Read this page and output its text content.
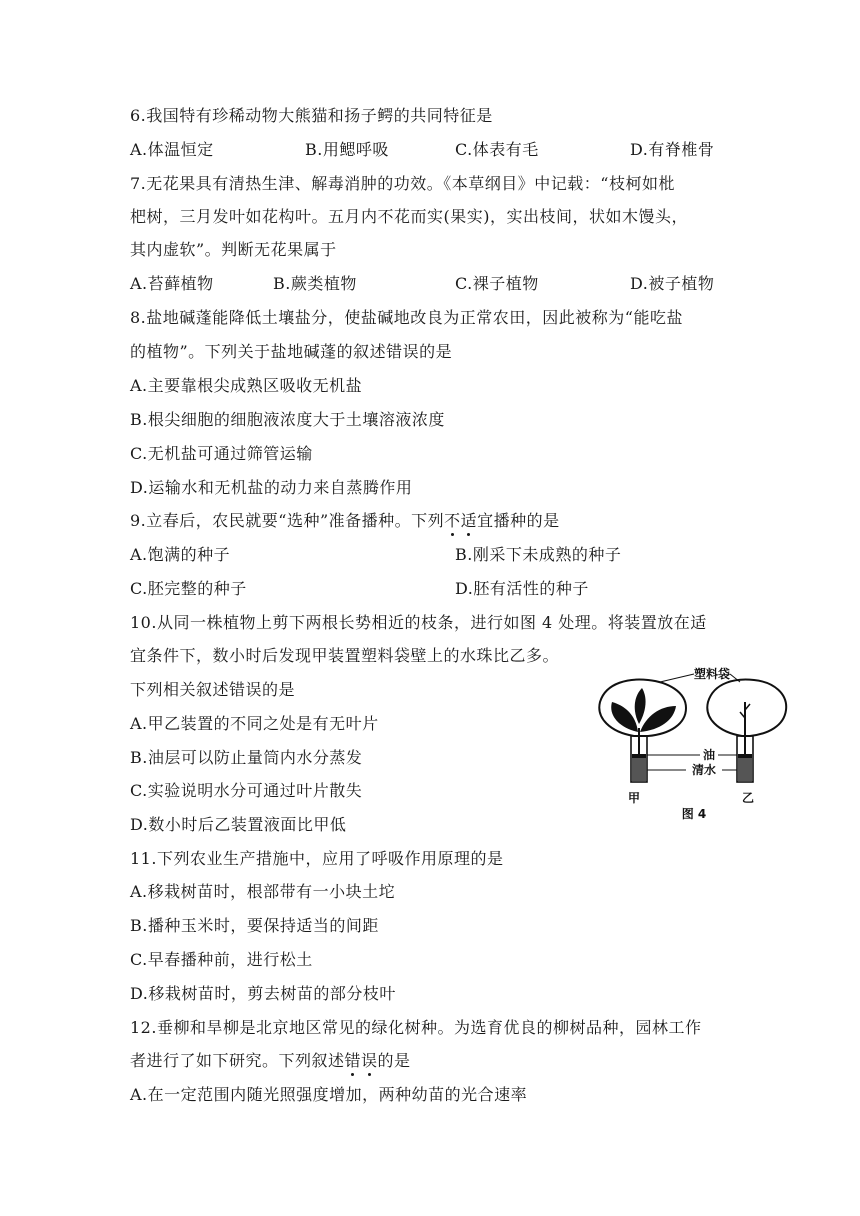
6.我国特有珍稀动物大熊猫和扬子鳄的共同特征是
A.体温恒定	B.用鳃呼吸	C.体表有毛	D.有脊椎骨
7.无花果具有清热生津、解毒消肿的功效。《本草纲目》中记载：“枝柯如枇
杷树，三月发叶如花构叶。五月内不花而实(果实)，实出枝间，状如木馒头，
其内虚软”。判断无花果属于
A.苔藓植物	B.蕨类植物	C.裸子植物	D.被子植物
8.盐地碱蓬能降低土壤盐分，使盐碱地改良为正常农田，因此被称为“能吃盐
的植物”。下列关于盐地碱蓬的叙述错误的是
A.主要靠根尖成熟区吸收无机盐
B.根尖细胞的细胞液浓度大于土壤溶液浓度
C.无机盐可通过筛管运输
D.运输水和无机盐的动力来自蒸腾作用
9.立春后，农民就要“选种”准备播种。下列不适宜播种的是
A.饱满的种子	B.刚采下未成熟的种子
C.胚完整的种子	D.胚有活性的种子
10.从同一株植物上剪下两根长势相近的枝条，进行如图 4 处理。将装置放在适
宜条件下，数小时后发现甲装置塑料袋壁上的水珠比乙多。
下列相关叙述错误的是
A.甲乙装置的不同之处是有无叶片
B.油层可以防止量筒内水分蒸发
C.实验说明水分可通过叶片散失
D.数小时后乙装置液面比甲低
塑料袋
油
清水
甲	乙
图 4
11.下列农业生产措施中，应用了呼吸作用原理的是
A.移栽树苗时，根部带有一小块土坨
B.播种玉米时，要保持适当的间距
C.早春播种前，进行松土
D.移栽树苗时，剪去树苗的部分枝叶
12.垂柳和旱柳是北京地区常见的绿化树种。为选育优良的柳树品种，园林工作
者进行了如下研究。下列叙述错误的是
A.在一定范围内随光照强度增加，两种幼苗的光合速率
